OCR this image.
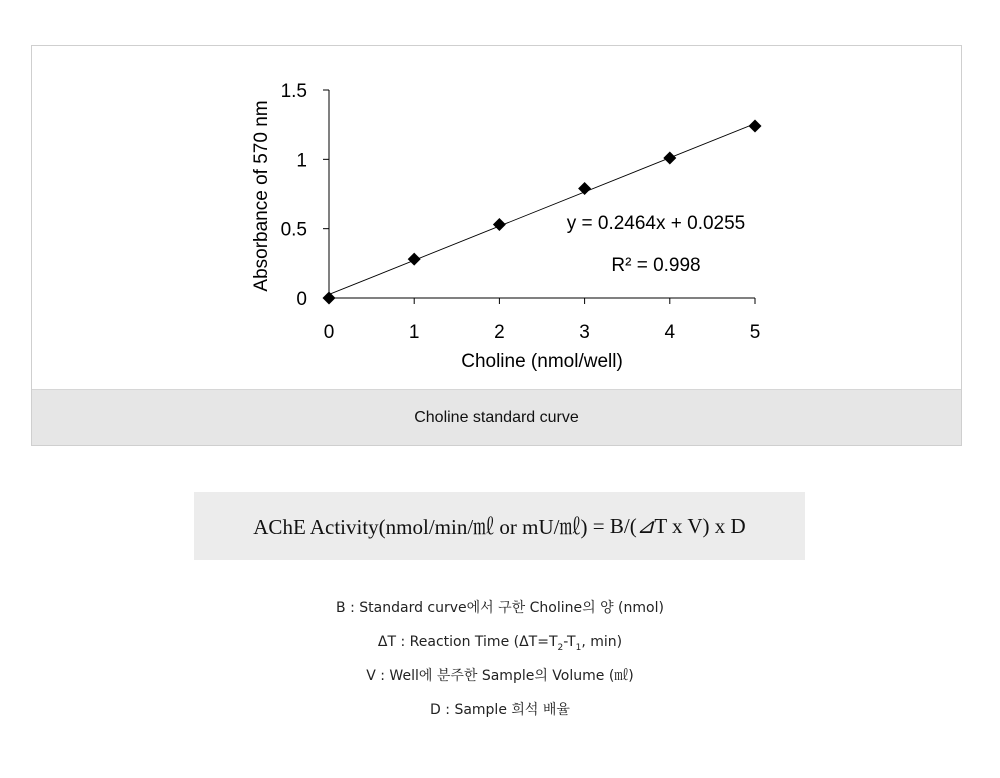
0
0.5
1
1.5
0	1	2	3	4	5
y = 0.2464x + 0.0255
R² = 0.998
Choline (nmol/well)
Absorbance of 570 nm
Choline standard curve
AChE Activity(nmol/min/㎖ or mU/㎖) = B/( ⊿ T x V) x D
B : Standard curve에서 구한 Choline의 양 (nmol)
ΔT : Reaction Time ($\Delta T=T_2-T_1$, min)
V : Well에 분주한 Sample의 Volume (㎖)
D : Sample 희석 배율
